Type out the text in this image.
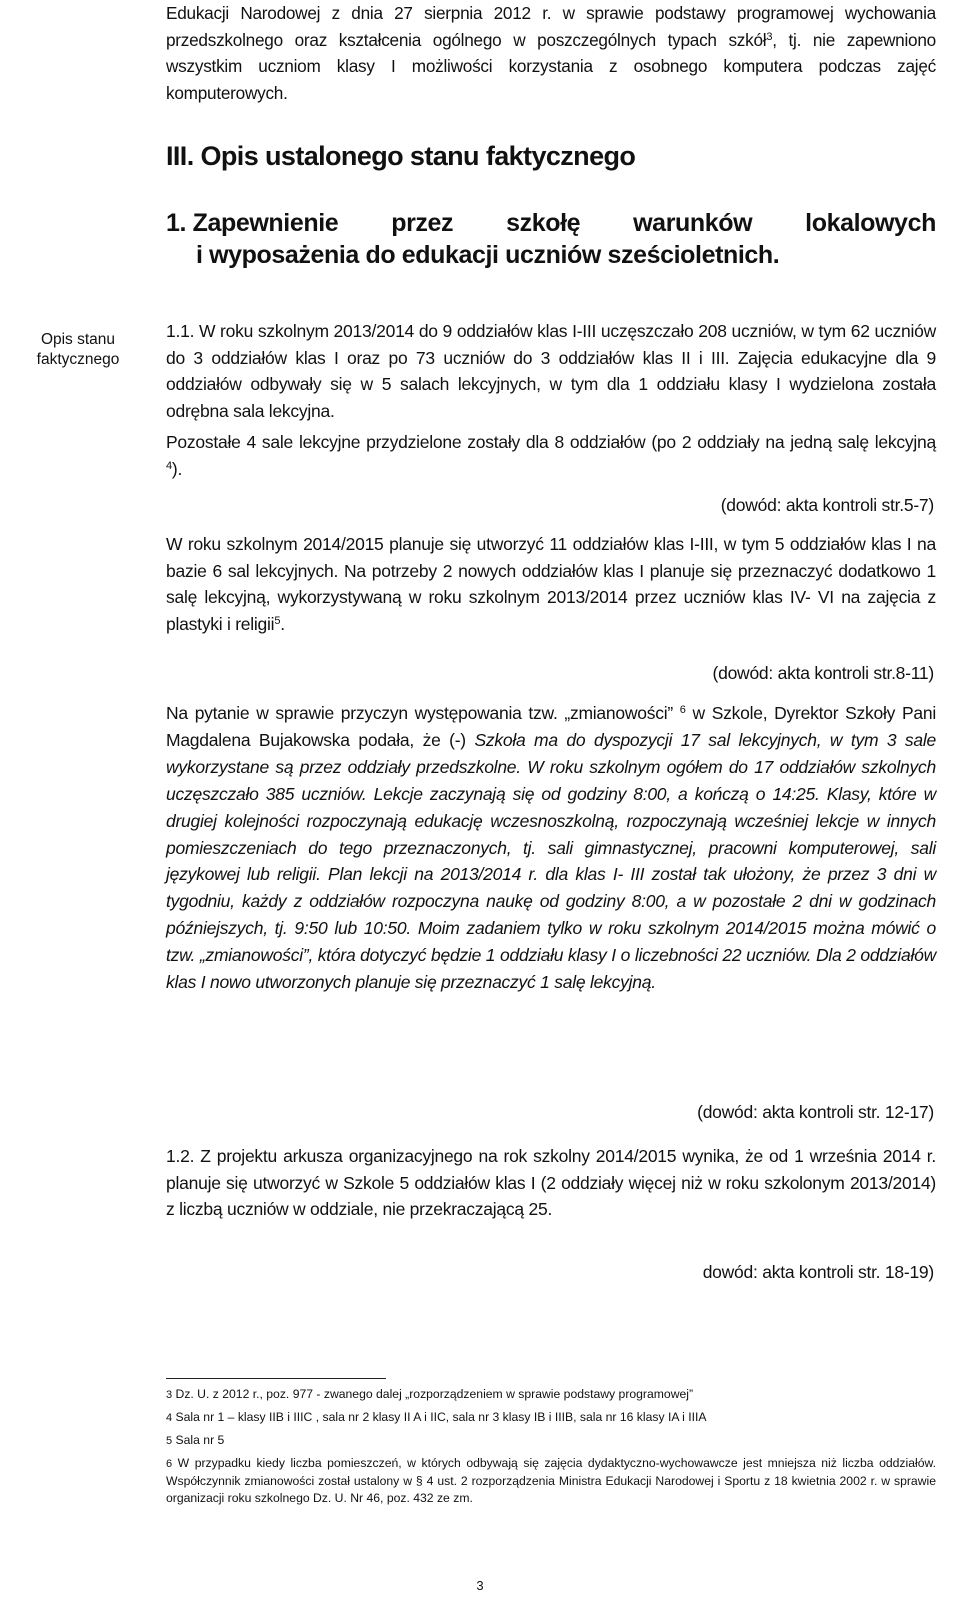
Edukacji Narodowej z dnia 27 sierpnia 2012 r. w sprawie podstawy programowej wychowania przedszkolnego oraz kształcenia ogólnego w poszczególnych typach szkół$^3$, tj. nie zapewniono wszystkim uczniom klasy I możliwości korzystania z osobnego komputera podczas zajęć komputerowych.

III. Opis ustalonego stanu faktycznego
1. Zapewnienie przez szkołę warunków lokalowych
i wyposażenia do edukacji uczniów sześcioletnich.
Opis stanu
faktycznego

1.1. W roku szkolnym 2013/2014 do 9 oddziałów klas I-III uczęszczało 208 uczniów, w tym 62 uczniów do 3 oddziałów klas I oraz po 73 uczniów do 3 oddziałów klas II i III. Zajęcia edukacyjne dla 9 oddziałów odbywały się w 5 salach lekcyjnych, w tym dla 1 oddziału klasy I wydzielona została odrębna sala lekcyjna.

Pozostałe 4 sale lekcyjne przydzielone zostały dla 8 oddziałów (po 2 oddziały na jedną salę lekcyjną $^4$).

(dowód: akta kontroli str.5-7)

W roku szkolnym 2014/2015 planuje się utworzyć 11 oddziałów klas I-III, w tym 5 oddziałów klas I na bazie 6 sal lekcyjnych. Na potrzeby 2 nowych oddziałów klas I planuje się przeznaczyć dodatkowo 1 salę lekcyjną, wykorzystywaną w roku szkolnym 2013/2014 przez uczniów klas IV- VI na zajęcia z plastyki i religii$^5$.

(dowód: akta kontroli str.8-11)

Na pytanie w sprawie przyczyn występowania tzw. „zmianowości” $^6$ w Szkole, Dyrektor Szkoły Pani Magdalena Bujakowska podała, że (-) Szkoła ma do dyspozycji 17 sal lekcyjnych, w tym 3 sale wykorzystane są przez oddziały przedszkolne. W roku szkolnym ogółem do 17 oddziałów szkolnych uczęszczało 385 uczniów. Lekcje zaczynają się od godziny 8:00, a kończą o 14:25. Klasy, które w drugiej kolejności rozpoczynają edukację wczesnoszkolną, rozpoczynają wcześniej lekcje w innych pomieszczeniach do tego przeznaczonych, tj. sali gimnastycznej, pracowni komputerowej, sali językowej lub religii. Plan lekcji na 2013/2014 r. dla klas I- III został tak ułożony, że przez 3 dni w tygodniu, każdy z oddziałów rozpoczyna naukę od godziny 8:00, a w pozostałe 2 dni w godzinach późniejszych, tj. 9:50 lub 10:50. Moim zadaniem tylko w roku szkolnym 2014/2015 można mówić o tzw. „zmianowości”, która dotyczyć będzie 1 oddziału klasy I o liczebności 22 uczniów. Dla 2 oddziałów klas I nowo utworzonych planuje się przeznaczyć 1 salę lekcyjną.

(dowód: akta kontroli str. 12-17)

1.2. Z projektu arkusza organizacyjnego na rok szkolny 2014/2015 wynika, że od 1 września 2014 r. planuje się utworzyć w Szkole 5 oddziałów klas I (2 oddziały więcej niż w roku szkolonym 2013/2014) z liczbą uczniów w oddziale, nie przekraczającą 25.

dowód: akta kontroli str. 18-19)

3 Dz. U. z 2012 r., poz. 977 - zwanego dalej „rozporządzeniem w sprawie podstawy programowej”

4 Sala nr 1 – klasy IIB i IIIC , sala nr 2 klasy II A i IIC, sala nr 3 klasy IB i IIIB, sala nr 16 klasy IA i IIIA

5 Sala nr 5

6 W przypadku kiedy liczba pomieszczeń, w których odbywają się zajęcia dydaktyczno-wychowawcze jest mniejsza niż liczba oddziałów. Współczynnik zmianowości został ustalony w § 4 ust. 2 rozporządzenia Ministra Edukacji Narodowej i Sportu z 18 kwietnia 2002 r. w sprawie organizacji roku szkolnego Dz. U. Nr 46, poz. 432 ze zm.

3
